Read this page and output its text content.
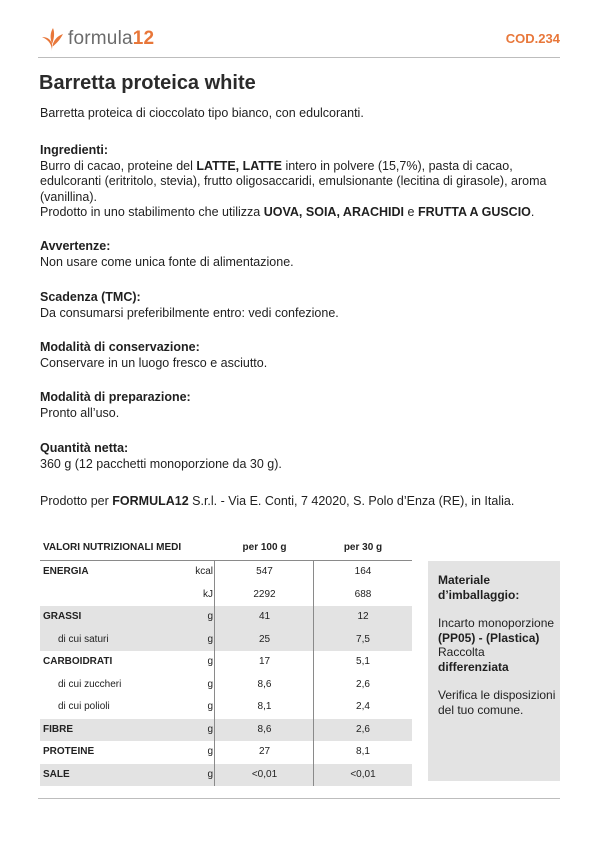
formula12	COD.234
Barretta proteica white
Barretta proteica di cioccolato tipo bianco, con edulcoranti.
Ingredienti:
Burro di cacao, proteine del LATTE, LATTE intero in polvere (15,7%), pasta di cacao, edulcoranti (eritritolo, stevia), frutto oligosaccaridi, emulsionante (lecitina di girasole), aroma (vanillina).
Prodotto in uno stabilimento che utilizza UOVA, SOIA, ARACHIDI e FRUTTA A GUSCIO.
Avvertenze:
Non usare come unica fonte di alimentazione.
Scadenza (TMC):
Da consumarsi preferibilmente entro: vedi confezione.
Modalità di conservazione:
Conservare in un luogo fresco e asciutto.
Modalità di preparazione:
Pronto all’uso.
Quantità netta:
360 g (12 pacchetti monoporzione da 30 g).
Prodotto per FORMULA12 S.r.l. - Via E. Conti, 7 42020, S. Polo d’Enza (RE), in Italia.
VALORI NUTRIZIONALI MEDI	per 100 g	per 30 g
ENERGIA	kcal	547	164
kJ	2292	688
GRASSI	g	41	12
di cui saturi	g	25	7,5
CARBOIDRATI	g	17	5,1
di cui zuccheri	g	8,6	2,6
di cui polioli	g	8,1	2,4
FIBRE	g	8,6	2,6
PROTEINE	g	27	8,1
SALE	g	<0,01	<0,01
Materiale d’imballaggio:
Incarto monoporzione
(PP05) - (Plastica)
Raccolta
differenziata
Verifica le disposizioni del tuo comune.
